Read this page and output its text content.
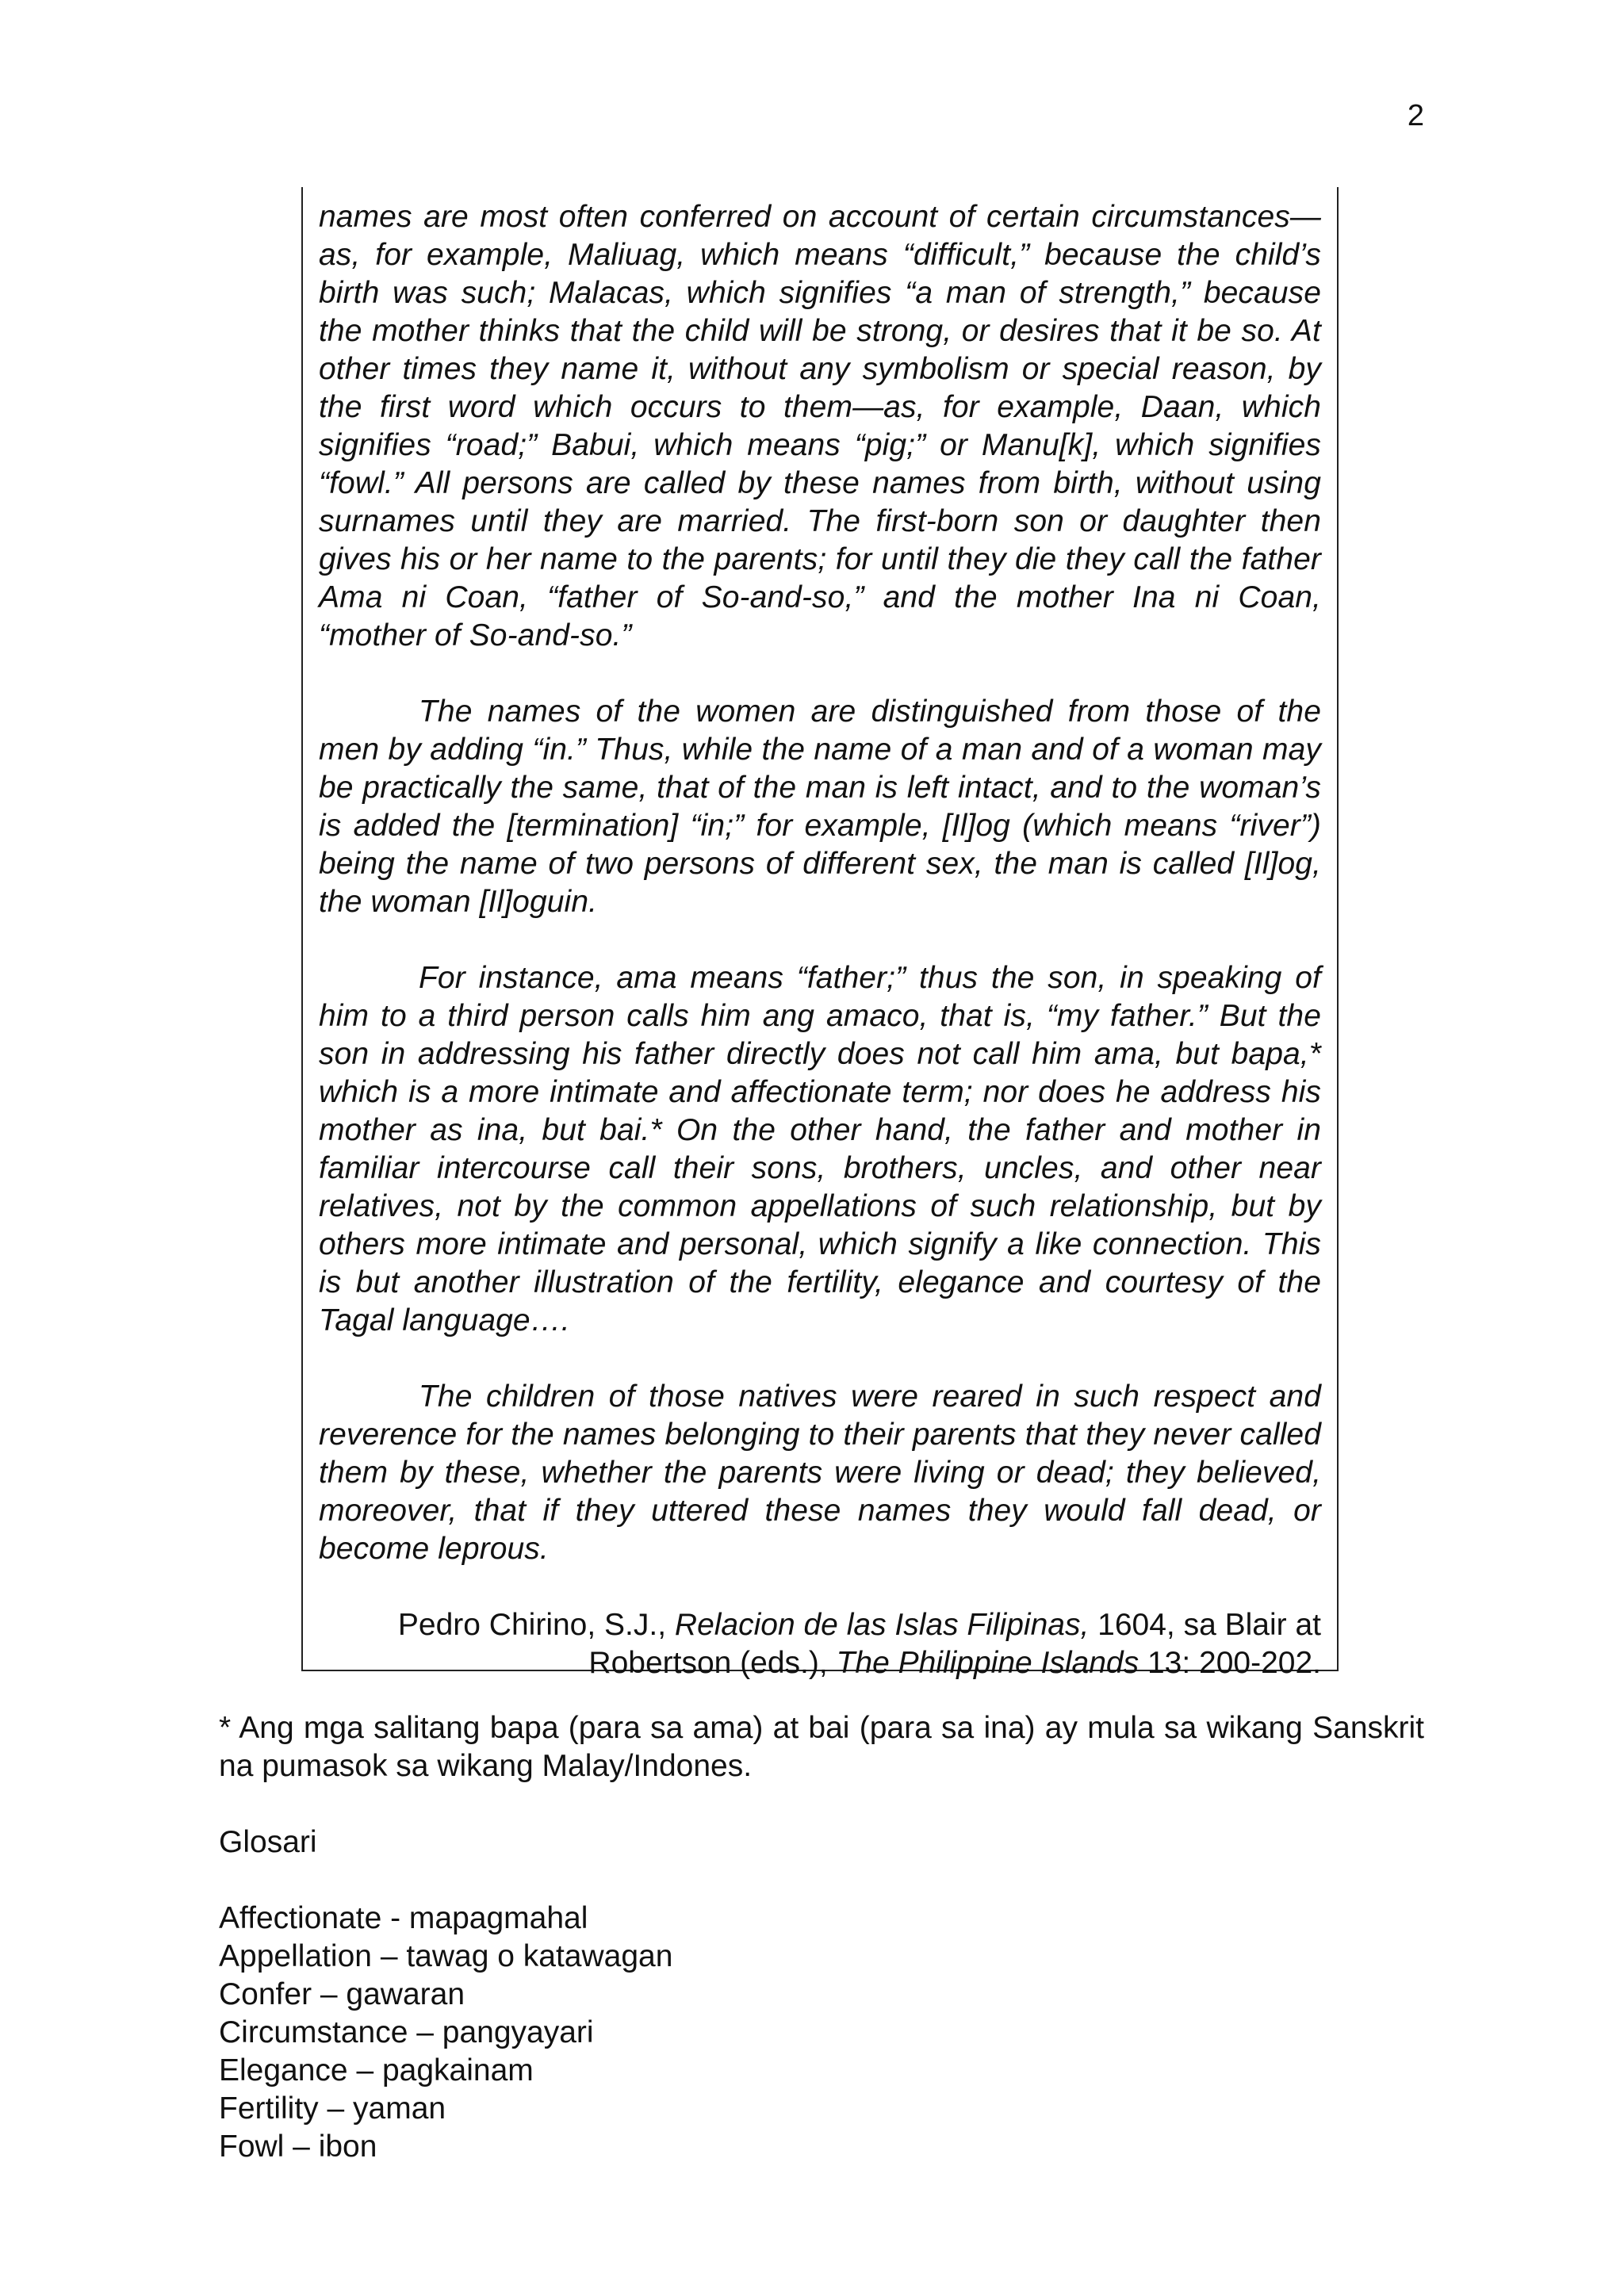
2

names are most often conferred on account of certain circumstances—as, for example, Maliuag, which means “difficult,” because the child’s birth was such; Malacas, which signifies “a man of strength,” because the mother thinks that the child will be strong, or desires that it be so. At other times they name it, without any symbolism or special reason, by the first word which occurs to them—as, for example, Daan, which signifies “road;” Babui, which means “pig;” or Manu[k], which signifies “fowl.” All persons are called by these names from birth, without using surnames until they are married. The first-born son or daughter then gives his or her name to the parents; for until they die they call the father Ama ni Coan, “father of So-and-so,” and the mother Ina ni Coan, “mother of So-and-so.”

The names of the women are distinguished from those of the men by adding “in.” Thus, while the name of a man and of a woman may be practically the same, that of the man is left intact, and to the woman’s is added the [termination] “in;” for example, [Il]og (which means “river”) being the name of two persons of different sex, the man is called [Il]og, the woman [Il]oguin.

For instance, ama means “father;” thus the son, in speaking of him to a third person calls him ang amaco, that is, “my father.” But the son in addressing his father directly does not call him ama, but bapa,* which is a more intimate and affectionate term; nor does he address his mother as ina, but bai.* On the other hand, the father and mother in familiar intercourse call their sons, brothers, uncles, and other near relatives, not by the common appellations of such relationship, but by others more intimate and personal, which signify a like connection. This is but another illustration of the fertility, elegance and courtesy of the Tagal language….

The children of those natives were reared in such respect and reverence for the names belonging to their parents that they never called them by these, whether the parents were living or dead; they believed, moreover, that if they uttered these names they would fall dead, or become leprous.

Pedro Chirino, S.J., Relacion de las Islas Filipinas, 1604, sa Blair at Robertson (eds.), The Philippine Islands 13: 200-202.

* Ang mga salitang bapa (para sa ama) at bai (para sa ina) ay mula sa wikang Sanskrit na pumasok sa wikang Malay/Indones.

Glosari

Affectionate - mapagmahal
Appellation – tawag o katawagan
Confer – gawaran
Circumstance – pangyayari
Elegance – pagkainam
Fertility – yaman
Fowl – ibon
